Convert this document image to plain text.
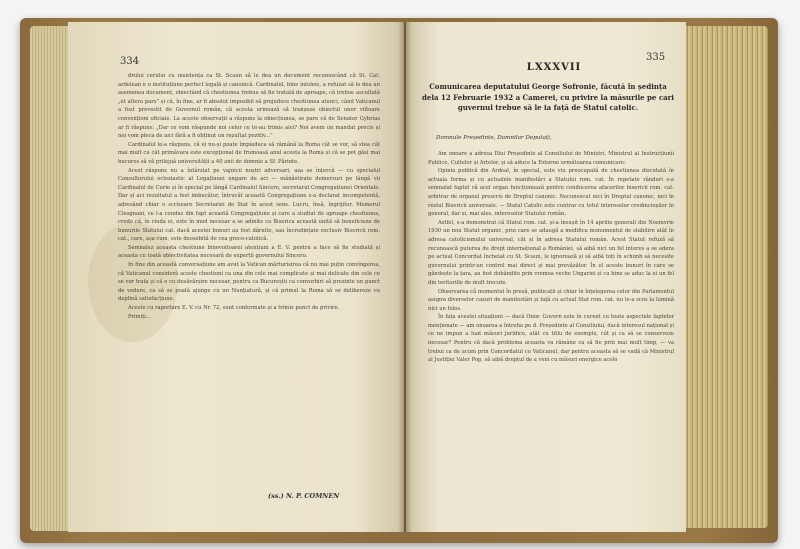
334

drului cerului cu insistența ca St. Scaun să le dea un document recunoscând că St. Cat. ardelean e o instituțiune perfect legală și canonică. Cardinalul, bine intoleis, a refuzat să le dea un asemenea document, obiectând că chestiunea trebue să fie tratată de aproape, că trebue ascultată „et altera pars” și că, în fine, ar fi absolut imposibil să prejudece chestiunea atunci, când Vaticanul a fost prevestit de Guvernul român, că acesta urmează să tranșeze obiectul unor viitoare convenționi oficiale. La aceste observații a răspuns la obiecțiunea, se pare că de Senator Gybrias ar fi răspuns: „Dar ce vom răspunde noi celor ce te-au trimis aici? Noi avem un mandat precis și noi vom pleca de aici fără a fi obținut un rezultat pozitiv...”

Cardinalul le-a răspuns, că ei nu-și poate împiedeca să rămână la Roma cât se vor, să stea cât mai mult cu cât primăvara este excepțional de frumoasă anul acesta la Roma și că se pot găsi mai bucuros să vă prilejuă universității a 40 anii de domnie a Sf. Părinte.

Acest răspuns nu a întârziat pe vajnicii noștri adversari, așa se înțercă — cu specialul Consultorului ecleziastic al Legațiunei ungare de aci — mănăstirate demersuri pe lângă vii Cardinalul de Curie și în special pe lângă Cardinalul Sincero, secretarul Congregațiunei Orientale. Dar și aci rezultatul a fost imbucător, întrucât această Congregațiune s-a declarat incompetentă, adresând chiar o scrisoare Secretariei de Stat în acest sens. Lucru, însă, îngrijitor, Memorul Ciesgnani, ce l-a condus din fapt această Congregațiune și care a studiat de aproape chestiunea, credo că, în ciuda ei, este în mod necesar a se admite ca Biserica această unită să beneficieze de bunurile Statului cat. dacă acestei bunuri au fost dăruite, sau încredințate exclusiv Bisericii rom. cat., care, așa cum, este deosebită de cea greco-catolică.

Semnalez aceasta chestiune binevoitoarei atențiuni a E. V. pentru a face să fie studiată și aceasta cu toată obiectivitatea necesară de experții guvernului Sincero.

In fine din această conversațiune am avut la Vatican mărturisirea că nu mai puțin convingerea, că Vaticanul consideră aceste chestiuni ca una din cele mai complicate și mai delicate din cele ce se vor trata și că e cu desăvârșire necesar, pentru ca Bucureștii ca convorbiri să prezinte un punct de vedere, ca să se poată ajunge cu un Nunțiatură, și că primul la Roma să se delibereze cu deplină satisfacțiune.

Aceste cu raportare E. V. cu Nr. 72, sunt conformate și a trimis punct de privire.

Primiți...

(ss.) N. P. COMNEN
335
LXXXVII
Comunicarea deputatului George Sofronie, făcută în ședința dela 12 Februarie 1932 a Camerei, cu privire la măsurile pe cari guvernul trebue să le ia față de Statul catolic.
Domnule Președinte, Domnilor Deputați,

Am onoare a adresa Dlui Președinte al Consiliului de Miniștri, Ministrul al Instrucțiunii Publice, Cultelor și Artelor, și să aduce la Externe următoarea comunicare:

Opinia publică din Ardeal, în special, este viu preocupată de chestiunea discutată în actuala forma și cu actualele manifestări a Statului rom. cat. În repetate rânduri s-a semnalat faptul că acel organ funcționează pentru conducerea afacerilor bisericii rom. cat. arbitrar de organul prescris de Dreptul canonic. Necunoscut nici în Dreptul canonic, nici în restul Bisericii universale. — Statul Catolic este contrar cu totul intereselor credincioșilor în general, dar și, mai ales, intereselor Statului român.

Astfel, s-a demonstrat că Statul rom. cat. și-a însușit în 14 aprilie generali din Noemvrie 1930 un nou Statut organic, prin care se adaugă a modifica monumentul de stabilire atât în adresa catolicismului universal, cât și în adresa Statului român. Acest Statut refuză să recunoască puterea de drept internațional a României, să aibă nici un fel interes a se adera pe actual Concordat încheiat cu St. Scaun, le ignorează și să aibă toți în schimb să necesite guvernului printr-un control mai direct și mai prevăzător. În el aceste bunuri în care se gândește la țara, au fost dobândite prin vremea veche Ungariei și cu bine se aduc la ei un fel din teritoriile de mult trecute.

Observarea că momentul în presă, publicații și chiar în înțelegerea celor din Parlamentul asupra diverselor cazuri de manifestări și față cu actual Stat rom. cat. nu le-a scos la lumină nici un folos.

În fața acestei situațiuni — dacă Onor. Guvern este în curent cu toate aspectele faptelor menționate — am onoarea a întreba pe d. Președinte al Consiliului, dacă interesul național și ce ne impun a luat măsuri juridice, atât cu titlu de exemplu, cât și ca să se conserveze necesar? Pentru că dacă problema aceasta va rămâne ca să fie prin mai mult timp, — va trebui ca de acum prin Concordatul cu Vaticanul, dar pentru aceasta să se vadă că Ministrul al Justiției Valer Pop, să aibă dreptul de a veni cu măsuri energice acolo
